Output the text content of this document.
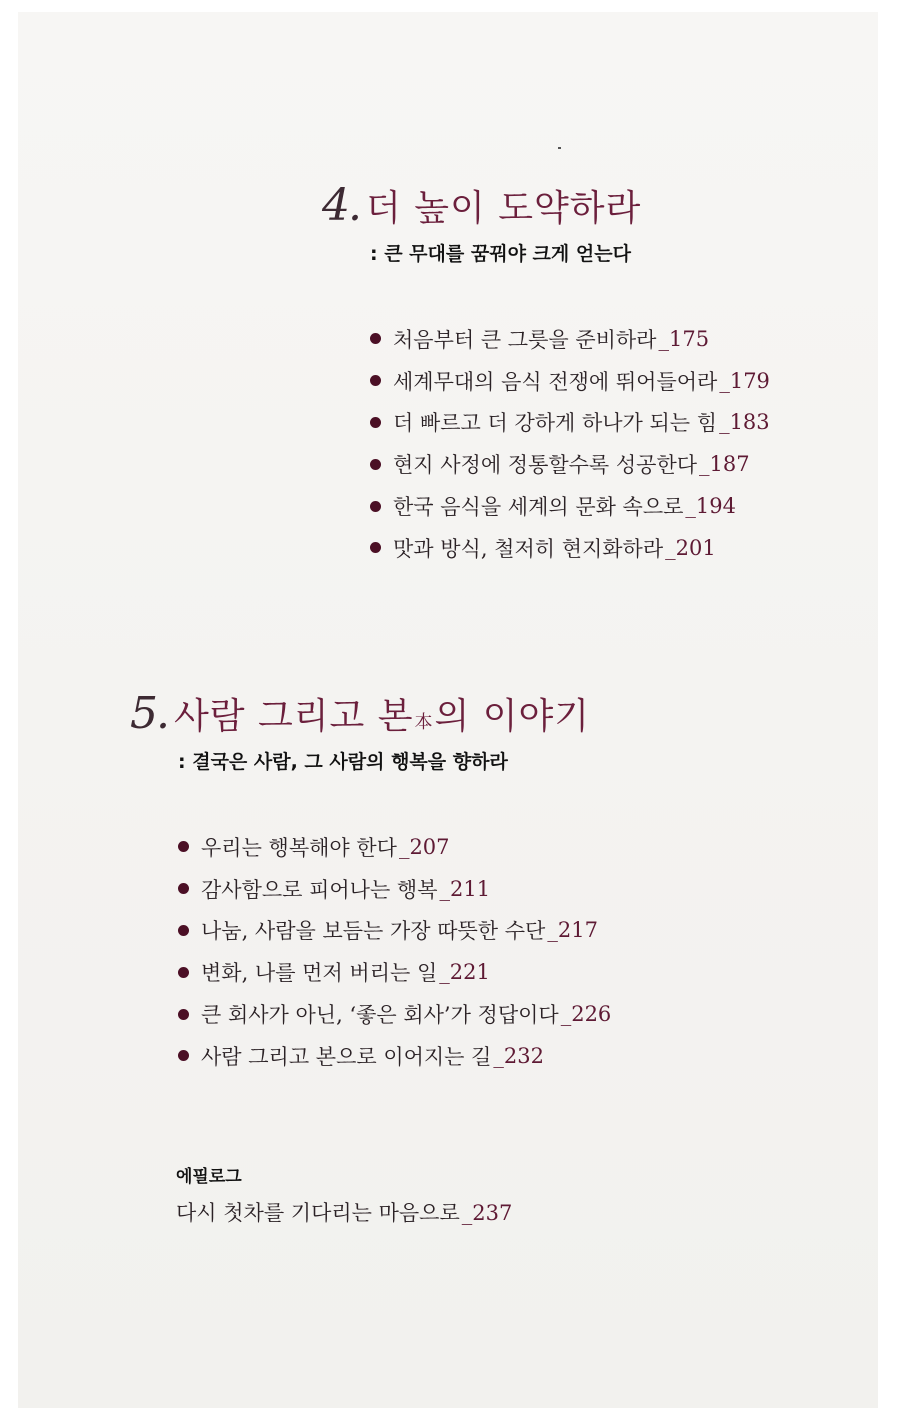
4. 더 높이 도약하라
: 큰 무대를 꿈꿔야 크게 얻는다
처음부터 큰 그릇을 준비하라 _175
세계무대의 음식 전쟁에 뛰어들어라 _179
더 빠르고 더 강하게 하나가 되는 힘 _183
현지 사정에 정통할수록 성공한다 _187
한국 음식을 세계의 문화 속으로 _194
맛과 방식, 철저히 현지화하라 _201
5. 사람 그리고 본本의 이야기
: 결국은 사람, 그 사람의 행복을 향하라
우리는 행복해야 한다 _207
감사함으로 피어나는 행복 _211
나눔, 사람을 보듬는 가장 따뜻한 수단 _217
변화, 나를 먼저 버리는 일 _221
큰 회사가 아닌, ‘좋은 회사’가 정답이다 _226
사람 그리고 본으로 이어지는 길 _232
에필로그
다시 첫차를 기다리는 마음으로_237
